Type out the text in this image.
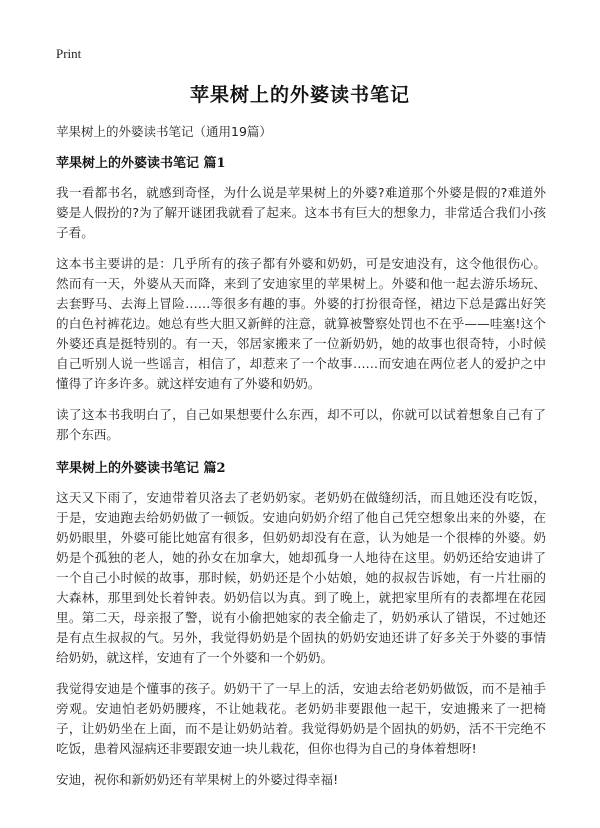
Print
苹果树上的外婆读书笔记
苹果树上的外婆读书笔记（通用19篇）
苹果树上的外婆读书笔记 篇1

我一看都书名，就感到奇怪，为什么说是苹果树上的外婆?难道那个外婆是假的?难道外婆是人假扮的?为了解开谜团我就看了起来。这本书有巨大的想象力，非常适合我们小孩子看。

这本书主要讲的是：几乎所有的孩子都有外婆和奶奶，可是安迪没有，这令他很伤心。然而有一天，外婆从天而降，来到了安迪家里的苹果树上。外婆和他一起去游乐场玩、去套野马、去海上冒险……等很多有趣的事。外婆的打扮很奇怪，裙边下总是露出好笑的白色衬裤花边。她总有些大胆又新鲜的注意，就算被警察处罚也不在乎——哇塞!这个外婆还真是挺特别的。有一天，邻居家搬来了一位新奶奶，她的故事也很奇特，小时候自己听别人说一些谣言，相信了，却惹来了一个故事……而安迪在两位老人的爱护之中懂得了许多许多。就这样安迪有了外婆和奶奶。

读了这本书我明白了，自己如果想要什么东西，却不可以，你就可以试着想象自己有了那个东西。

苹果树上的外婆读书笔记 篇2

这天又下雨了，安迪带着贝洛去了老奶奶家。老奶奶在做缝纫活，而且她还没有吃饭，于是，安迪跑去给奶奶做了一顿饭。安迪向奶奶介绍了他自己凭空想象出来的外婆，在奶奶眼里，外婆可能比她富有很多，但奶奶却没有在意，认为她是一个很棒的外婆。奶奶是个孤独的老人，她的孙女在加拿大，她却孤身一人地待在这里。奶奶还给安迪讲了一个自己小时候的故事，那时候，奶奶还是个小姑娘，她的叔叔告诉她，有一片壮丽的大森林，那里到处长着钟表。奶奶信以为真。到了晚上，就把家里所有的表都埋在花园里。第二天，母亲报了警，说有小偷把她家的表全偷走了，奶奶承认了错误，不过她还是有点生叔叔的气。另外，我觉得奶奶是个固执的奶奶安迪还讲了好多关于外婆的事情给奶奶，就这样，安迪有了一个外婆和一个奶奶。

我觉得安迪是个懂事的孩子。奶奶干了一早上的活，安迪去给老奶奶做饭，而不是袖手旁观。安迪怕老奶奶腰疼，不让她栽花。老奶奶非要跟他一起干，安迪搬来了一把椅子，让奶奶坐在上面，而不是让奶奶站着。我觉得奶奶是个固执的奶奶，活不干完绝不吃饭，患着风湿病还非要跟安迪一块儿栽花，但你也得为自己的身体着想呀!

安迪，祝你和新奶奶还有苹果树上的外婆过得幸福!
